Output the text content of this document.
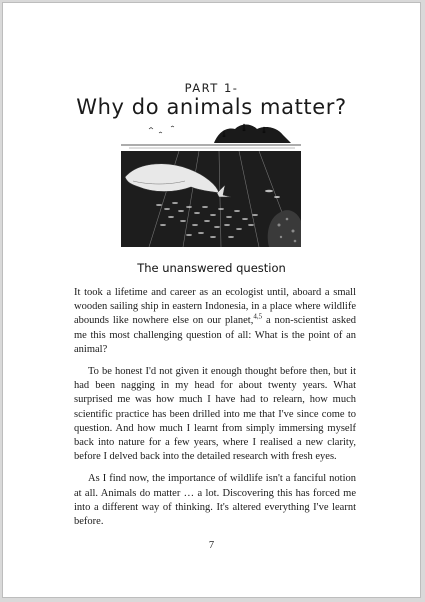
PART 1-
Why do animals matter?
The unanswered question

It took a lifetime and career as an ecologist until, aboard a small wooden sailing ship in eastern Indonesia, in a place where wildlife abounds like nowhere else on our planet,$^{4,5}$ a non-scientist asked me this most challenging question of all: What is the point of an animal?

To be honest I'd not given it enough thought before then, but it had been nagging in my head for about twenty years. What surprised me was how much I have had to relearn, how much scientific practice has been drilled into me that I've since come to question. And how much I learnt from simply immersing myself back into nature for a few years, where I realised a new clarity, before I delved back into the detailed research with fresh eyes.

As I find now, the importance of wildlife isn't a fanciful notion at all. Animals do matter … a lot. Discovering this has forced me into a different way of thinking. It's altered everything I've learnt before.

7
